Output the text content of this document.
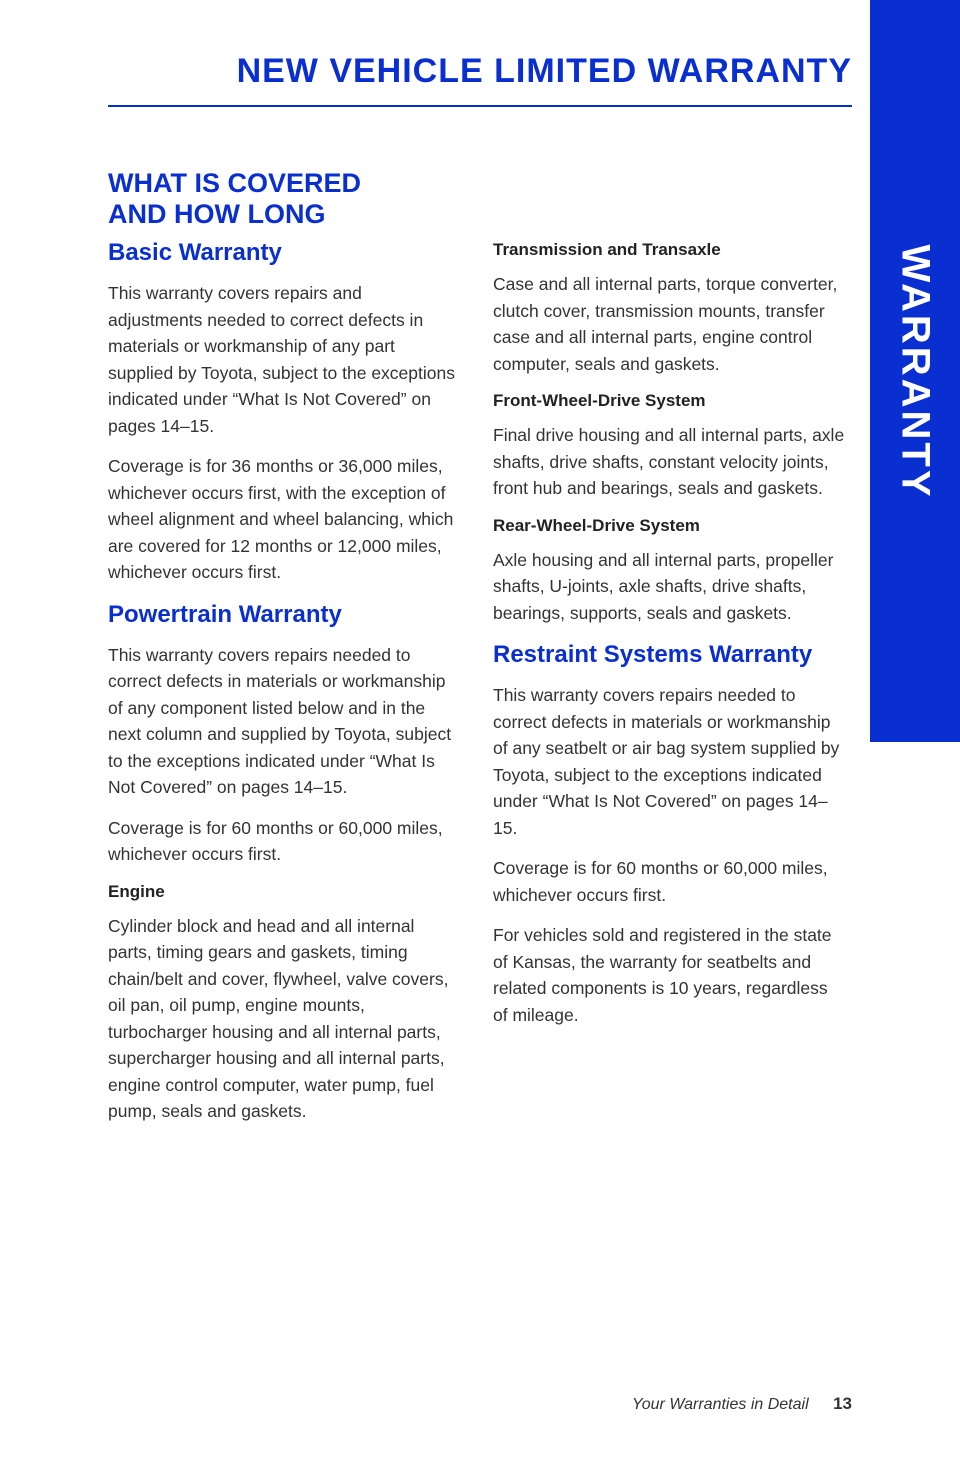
WARRANTY
NEW VEHICLE LIMITED WARRANTY
WHAT IS COVERED
AND HOW LONG
Basic Warranty

This warranty covers repairs and adjustments needed to correct defects in materials or workmanship of any part supplied by Toyota, subject to the exceptions indicated under “What Is Not Covered” on pages 14–15.

Coverage is for 36 months or 36,000 miles, whichever occurs first, with the exception of wheel alignment and wheel balancing, which are covered for 12 months or 12,000 miles, whichever occurs first.

Powertrain Warranty

This warranty covers repairs needed to correct defects in materials or workmanship of any component listed below and in the next column and supplied by Toyota, subject to the exceptions indicated under “What Is Not Covered” on pages 14–15.

Coverage is for 60 months or 60,000 miles, whichever occurs first.

Engine

Cylinder block and head and all internal parts, timing gears and gaskets, timing chain/belt and cover, flywheel, valve covers, oil pan, oil pump, engine mounts, turbocharger housing and all internal parts, supercharger housing and all internal parts, engine control computer, water pump, fuel pump, seals and gaskets.

Transmission and Transaxle

Case and all internal parts, torque converter, clutch cover, transmission mounts, transfer case and all internal parts, engine control computer, seals and gaskets.

Front-Wheel-Drive System

Final drive housing and all internal parts, axle shafts, drive shafts, constant velocity joints, front hub and bearings, seals and gaskets.

Rear-Wheel-Drive System

Axle housing and all internal parts, propeller shafts, U-joints, axle shafts, drive shafts, bearings, supports, seals and gaskets.

Restraint Systems Warranty

This warranty covers repairs needed to correct defects in materials or workmanship of any seatbelt or air bag system supplied by Toyota, subject to the exceptions indicated under “What Is Not Covered” on pages 14–15.

Coverage is for 60 months or 60,000 miles, whichever occurs first.

For vehicles sold and registered in the state of Kansas, the warranty for seatbelts and related components is 10 years, regardless of mileage.

Your Warranties in Detail 13
